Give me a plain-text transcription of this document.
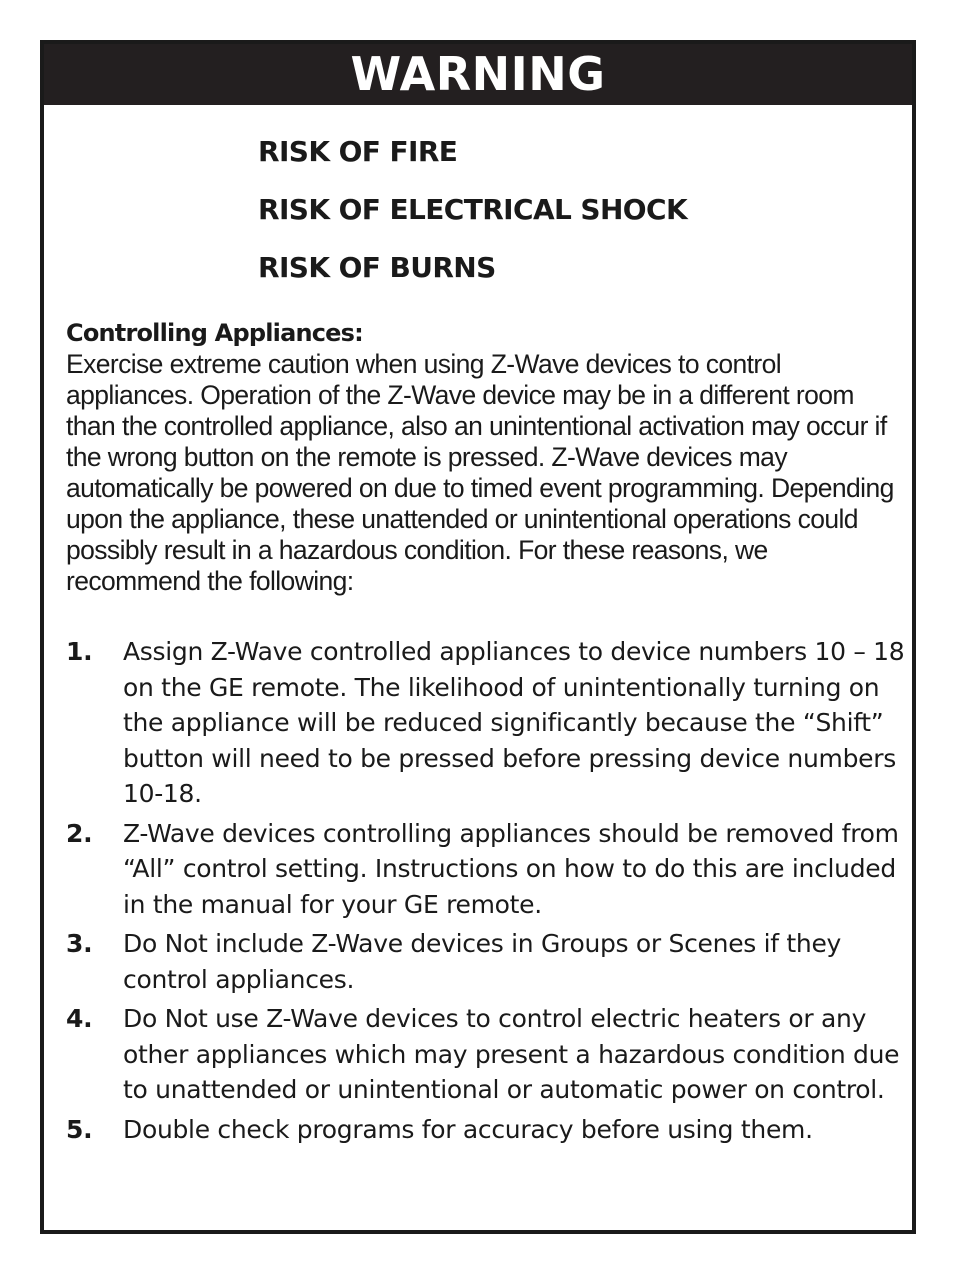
WARNING
RISK OF FIRE
RISK OF ELECTRICAL SHOCK
RISK OF BURNS
Controlling Appliances:
Exercise extreme caution when using Z-Wave devices to control appliances. Operation of the Z-Wave device may be in a different room than the controlled appliance, also an unintentional activation may occur if the wrong button on the remote is pressed. Z-Wave devices may automatically be powered on due to timed event programming. Depending upon the appliance, these unattended or unintentional operations could possibly result in a hazardous condition. For these reasons, we recommend the following:
1. Assign Z-Wave controlled appliances to device numbers 10 – 18 on the GE remote. The likelihood of unintentionally turning on the appliance will be reduced significantly because the “Shift” button will need to be pressed before pressing device numbers 10-18.
2. Z-Wave devices controlling appliances should be removed from “All” control setting. Instructions on how to do this are included in the manual for your GE remote.
3. Do Not include Z-Wave devices in Groups or Scenes if they control appliances.
4. Do Not use Z-Wave devices to control electric heaters or any other appliances which may present a hazardous condition due to unattended or unintentional or automatic power on control.
5. Double check programs for accuracy before using them.
